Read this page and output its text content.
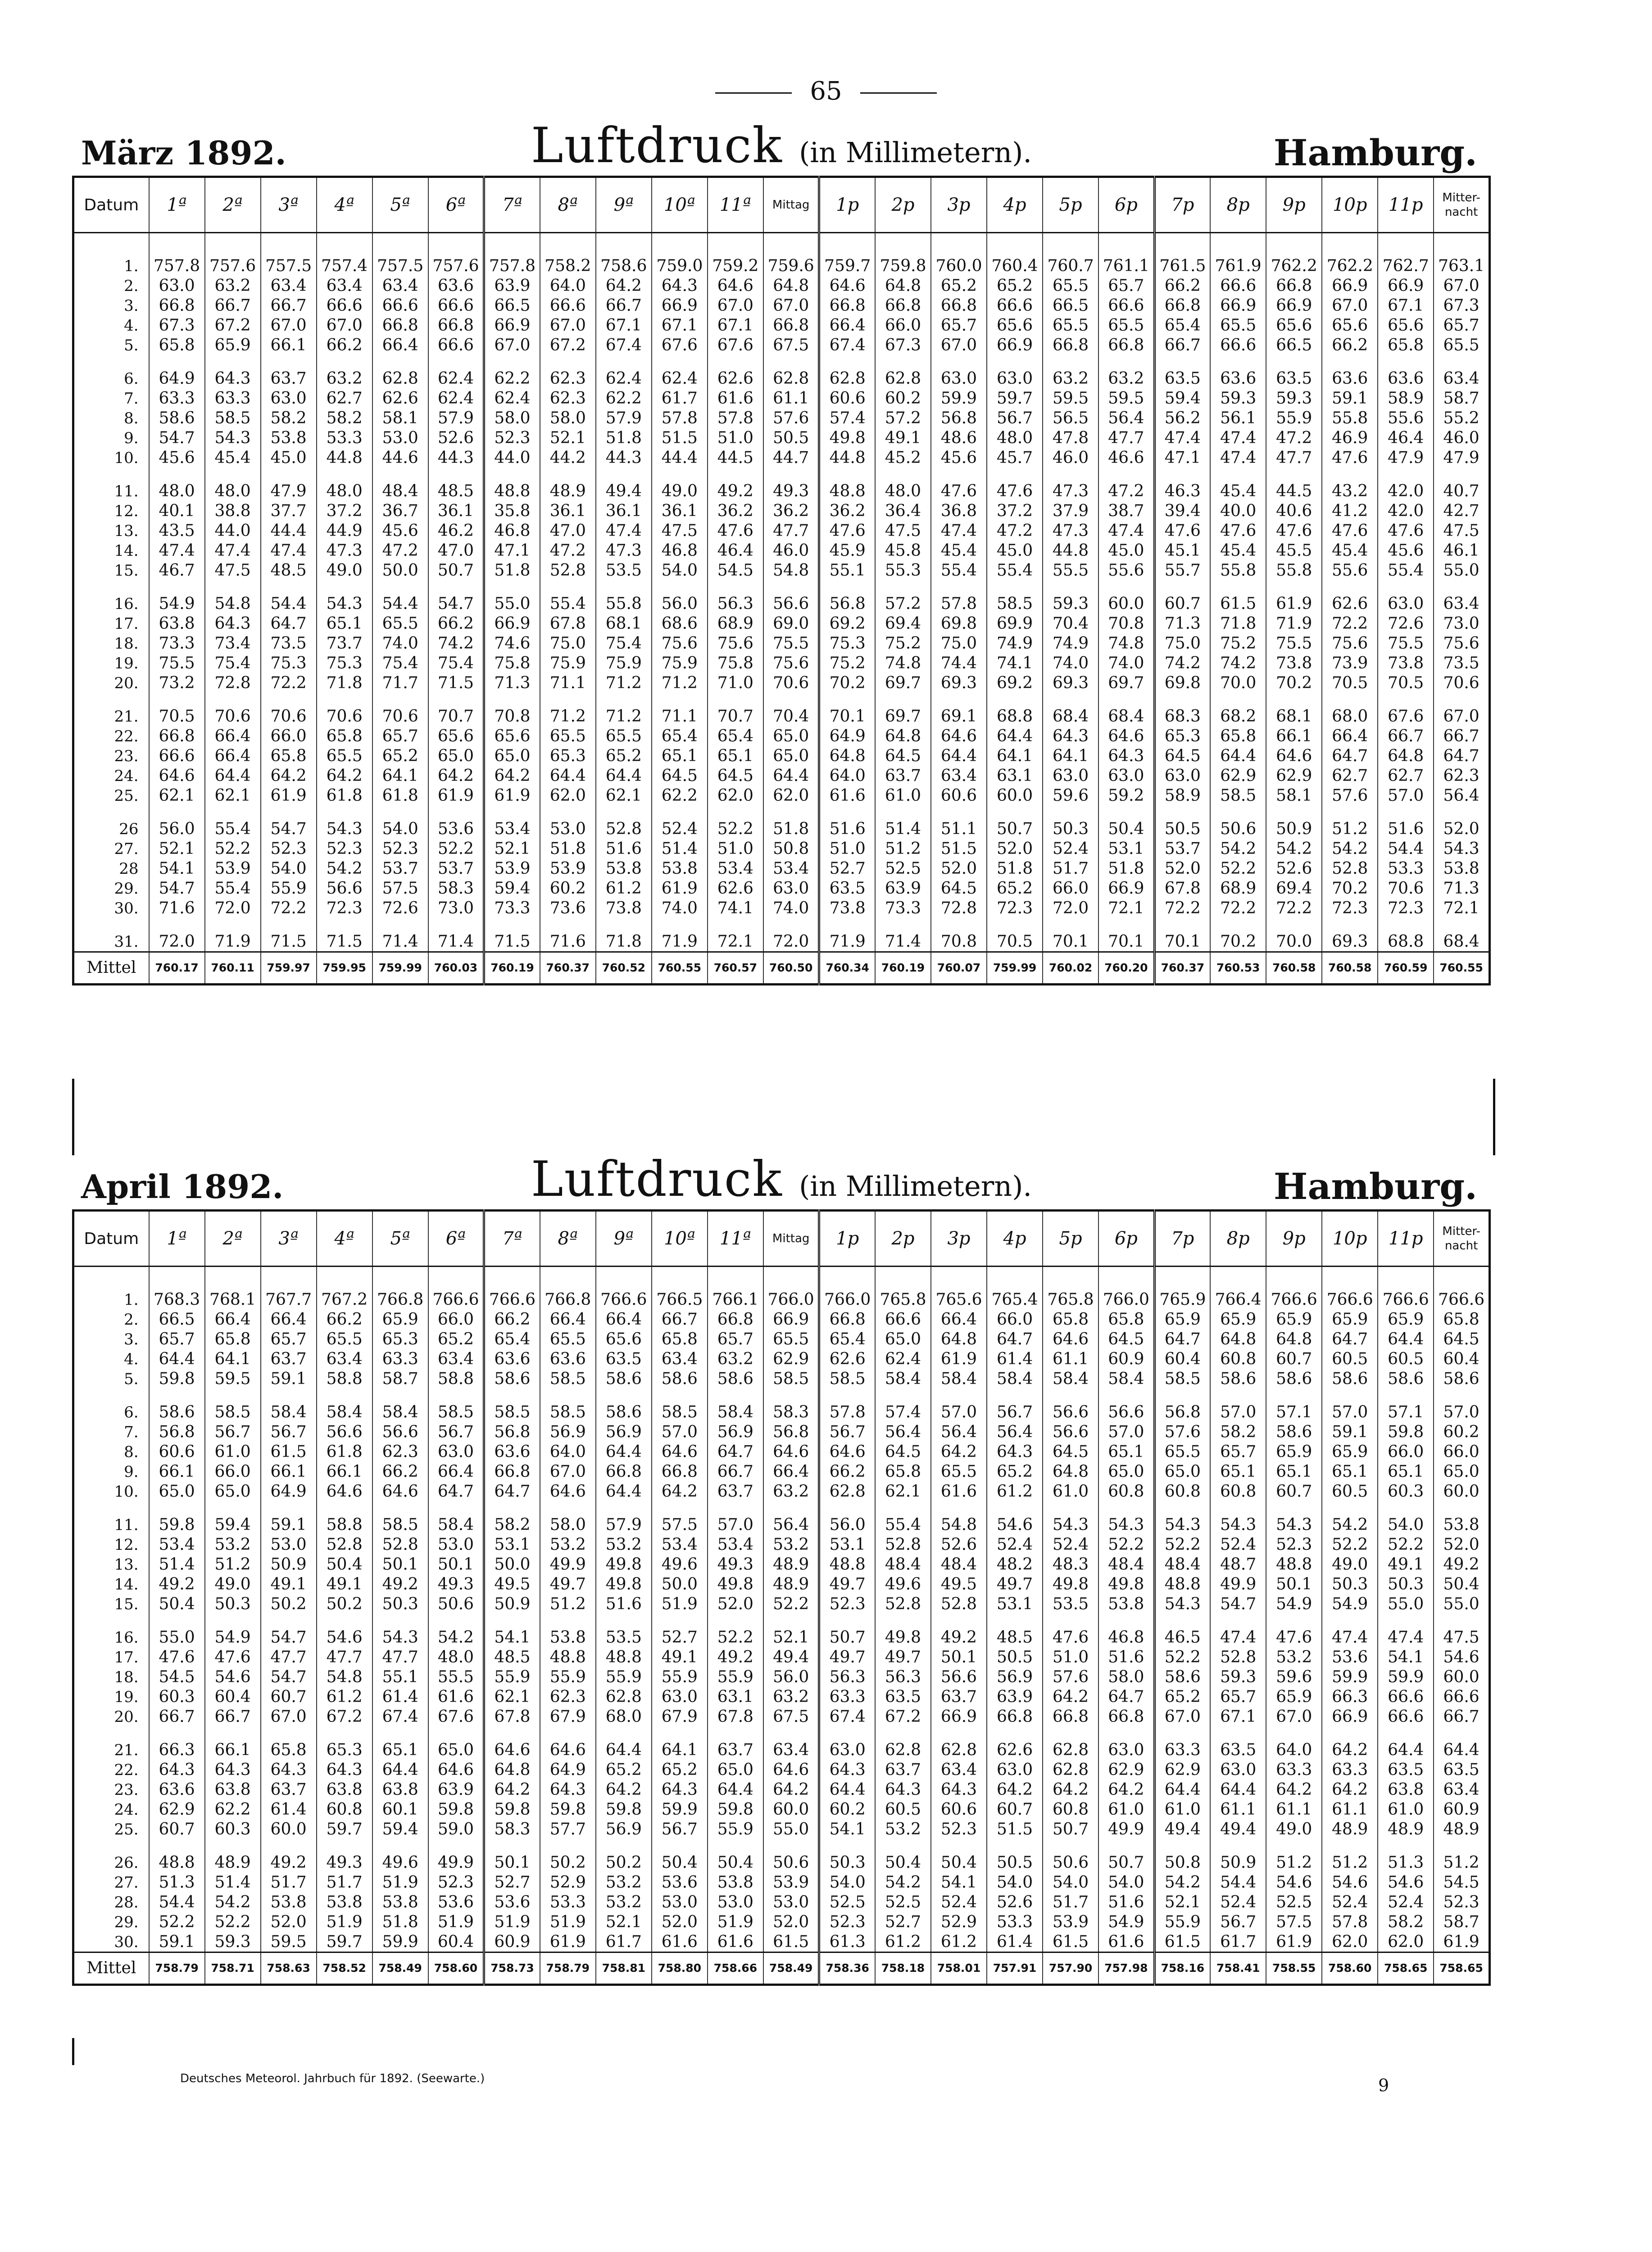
65
März 1892.	Luftdruck (in Millimetern).	Hamburg.
Datum	1ª	2ª	3ª	4ª	5ª	6ª	7ª	8ª	9ª	10ª	11ª	Mittag	1p	2p	3p	4p	5p	6p	7p	8p	9p	10p	11p	Mitter-nacht

1.	757.8	757.6	757.5	757.4	757.5	757.6	757.8	758.2	758.6	759.0	759.2	759.6	759.7	759.8	760.0	760.4	760.7	761.1	761.5	761.9	762.2	762.2	762.7	763.1
2.	63.0	63.2	63.4	63.4	63.4	63.6	63.9	64.0	64.2	64.3	64.6	64.8	64.6	64.8	65.2	65.2	65.5	65.7	66.2	66.6	66.8	66.9	66.9	67.0
3.	66.8	66.7	66.7	66.6	66.6	66.6	66.5	66.6	66.7	66.9	67.0	67.0	66.8	66.8	66.8	66.6	66.5	66.6	66.8	66.9	66.9	67.0	67.1	67.3
4.	67.3	67.2	67.0	67.0	66.8	66.8	66.9	67.0	67.1	67.1	67.1	66.8	66.4	66.0	65.7	65.6	65.5	65.5	65.4	65.5	65.6	65.6	65.6	65.7
5.	65.8	65.9	66.1	66.2	66.4	66.6	67.0	67.2	67.4	67.6	67.6	67.5	67.4	67.3	67.0	66.9	66.8	66.8	66.7	66.6	66.5	66.2	65.8	65.5
6.	64.9	64.3	63.7	63.2	62.8	62.4	62.2	62.3	62.4	62.4	62.6	62.8	62.8	62.8	63.0	63.0	63.2	63.2	63.5	63.6	63.5	63.6	63.6	63.4
7.	63.3	63.3	63.0	62.7	62.6	62.4	62.4	62.3	62.2	61.7	61.6	61.1	60.6	60.2	59.9	59.7	59.5	59.5	59.4	59.3	59.3	59.1	58.9	58.7
8.	58.6	58.5	58.2	58.2	58.1	57.9	58.0	58.0	57.9	57.8	57.8	57.6	57.4	57.2	56.8	56.7	56.5	56.4	56.2	56.1	55.9	55.8	55.6	55.2
9.	54.7	54.3	53.8	53.3	53.0	52.6	52.3	52.1	51.8	51.5	51.0	50.5	49.8	49.1	48.6	48.0	47.8	47.7	47.4	47.4	47.2	46.9	46.4	46.0
10.	45.6	45.4	45.0	44.8	44.6	44.3	44.0	44.2	44.3	44.4	44.5	44.7	44.8	45.2	45.6	45.7	46.0	46.6	47.1	47.4	47.7	47.6	47.9	47.9
11.	48.0	48.0	47.9	48.0	48.4	48.5	48.8	48.9	49.4	49.0	49.2	49.3	48.8	48.0	47.6	47.6	47.3	47.2	46.3	45.4	44.5	43.2	42.0	40.7
12.	40.1	38.8	37.7	37.2	36.7	36.1	35.8	36.1	36.1	36.1	36.2	36.2	36.2	36.4	36.8	37.2	37.9	38.7	39.4	40.0	40.6	41.2	42.0	42.7
13.	43.5	44.0	44.4	44.9	45.6	46.2	46.8	47.0	47.4	47.5	47.6	47.7	47.6	47.5	47.4	47.2	47.3	47.4	47.6	47.6	47.6	47.6	47.6	47.5
14.	47.4	47.4	47.4	47.3	47.2	47.0	47.1	47.2	47.3	46.8	46.4	46.0	45.9	45.8	45.4	45.0	44.8	45.0	45.1	45.4	45.5	45.4	45.6	46.1
15.	46.7	47.5	48.5	49.0	50.0	50.7	51.8	52.8	53.5	54.0	54.5	54.8	55.1	55.3	55.4	55.4	55.5	55.6	55.7	55.8	55.8	55.6	55.4	55.0
16.	54.9	54.8	54.4	54.3	54.4	54.7	55.0	55.4	55.8	56.0	56.3	56.6	56.8	57.2	57.8	58.5	59.3	60.0	60.7	61.5	61.9	62.6	63.0	63.4
17.	63.8	64.3	64.7	65.1	65.5	66.2	66.9	67.8	68.1	68.6	68.9	69.0	69.2	69.4	69.8	69.9	70.4	70.8	71.3	71.8	71.9	72.2	72.6	73.0
18.	73.3	73.4	73.5	73.7	74.0	74.2	74.6	75.0	75.4	75.6	75.6	75.5	75.3	75.2	75.0	74.9	74.9	74.8	75.0	75.2	75.5	75.6	75.5	75.6
19.	75.5	75.4	75.3	75.3	75.4	75.4	75.8	75.9	75.9	75.9	75.8	75.6	75.2	74.8	74.4	74.1	74.0	74.0	74.2	74.2	73.8	73.9	73.8	73.5
20.	73.2	72.8	72.2	71.8	71.7	71.5	71.3	71.1	71.2	71.2	71.0	70.6	70.2	69.7	69.3	69.2	69.3	69.7	69.8	70.0	70.2	70.5	70.5	70.6
21.	70.5	70.6	70.6	70.6	70.6	70.7	70.8	71.2	71.2	71.1	70.7	70.4	70.1	69.7	69.1	68.8	68.4	68.4	68.3	68.2	68.1	68.0	67.6	67.0
22.	66.8	66.4	66.0	65.8	65.7	65.6	65.6	65.5	65.5	65.4	65.4	65.0	64.9	64.8	64.6	64.4	64.3	64.6	65.3	65.8	66.1	66.4	66.7	66.7
23.	66.6	66.4	65.8	65.5	65.2	65.0	65.0	65.3	65.2	65.1	65.1	65.0	64.8	64.5	64.4	64.1	64.1	64.3	64.5	64.4	64.6	64.7	64.8	64.7
24.	64.6	64.4	64.2	64.2	64.1	64.2	64.2	64.4	64.4	64.5	64.5	64.4	64.0	63.7	63.4	63.1	63.0	63.0	63.0	62.9	62.9	62.7	62.7	62.3
25.	62.1	62.1	61.9	61.8	61.8	61.9	61.9	62.0	62.1	62.2	62.0	62.0	61.6	61.0	60.6	60.0	59.6	59.2	58.9	58.5	58.1	57.6	57.0	56.4
26	56.0	55.4	54.7	54.3	54.0	53.6	53.4	53.0	52.8	52.4	52.2	51.8	51.6	51.4	51.1	50.7	50.3	50.4	50.5	50.6	50.9	51.2	51.6	52.0
27.	52.1	52.2	52.3	52.3	52.3	52.2	52.1	51.8	51.6	51.4	51.0	50.8	51.0	51.2	51.5	52.0	52.4	53.1	53.7	54.2	54.2	54.2	54.4	54.3
28	54.1	53.9	54.0	54.2	53.7	53.7	53.9	53.9	53.8	53.8	53.4	53.4	52.7	52.5	52.0	51.8	51.7	51.8	52.0	52.2	52.6	52.8	53.3	53.8
29.	54.7	55.4	55.9	56.6	57.5	58.3	59.4	60.2	61.2	61.9	62.6	63.0	63.5	63.9	64.5	65.2	66.0	66.9	67.8	68.9	69.4	70.2	70.6	71.3
30.	71.6	72.0	72.2	72.3	72.6	73.0	73.3	73.6	73.8	74.0	74.1	74.0	73.8	73.3	72.8	72.3	72.0	72.1	72.2	72.2	72.2	72.3	72.3	72.1
31.	72.0	71.9	71.5	71.5	71.4	71.4	71.5	71.6	71.8	71.9	72.1	72.0	71.9	71.4	70.8	70.5	70.1	70.1	70.1	70.2	70.0	69.3	68.8	68.4
Mittel	760.17	760.11	759.97	759.95	759.99	760.03	760.19	760.37	760.52	760.55	760.57	760.50	760.34	760.19	760.07	759.99	760.02	760.20	760.37	760.53	760.58	760.58	760.59	760.55
April 1892.	Luftdruck (in Millimetern).	Hamburg.
Datum	1ª	2ª	3ª	4ª	5ª	6ª	7ª	8ª	9ª	10ª	11ª	Mittag	1p	2p	3p	4p	5p	6p	7p	8p	9p	10p	11p	Mitter-nacht

1.	768.3	768.1	767.7	767.2	766.8	766.6	766.6	766.8	766.6	766.5	766.1	766.0	766.0	765.8	765.6	765.4	765.8	766.0	765.9	766.4	766.6	766.6	766.6	766.6
2.	66.5	66.4	66.4	66.2	65.9	66.0	66.2	66.4	66.4	66.7	66.8	66.9	66.8	66.6	66.4	66.0	65.8	65.8	65.9	65.9	65.9	65.9	65.9	65.8
3.	65.7	65.8	65.7	65.5	65.3	65.2	65.4	65.5	65.6	65.8	65.7	65.5	65.4	65.0	64.8	64.7	64.6	64.5	64.7	64.8	64.8	64.7	64.4	64.5
4.	64.4	64.1	63.7	63.4	63.3	63.4	63.6	63.6	63.5	63.4	63.2	62.9	62.6	62.4	61.9	61.4	61.1	60.9	60.4	60.8	60.7	60.5	60.5	60.4
5.	59.8	59.5	59.1	58.8	58.7	58.8	58.6	58.5	58.6	58.6	58.6	58.5	58.5	58.4	58.4	58.4	58.4	58.4	58.5	58.6	58.6	58.6	58.6	58.6
6.	58.6	58.5	58.4	58.4	58.4	58.5	58.5	58.5	58.6	58.5	58.4	58.3	57.8	57.4	57.0	56.7	56.6	56.6	56.8	57.0	57.1	57.0	57.1	57.0
7.	56.8	56.7	56.7	56.6	56.6	56.7	56.8	56.9	56.9	57.0	56.9	56.8	56.7	56.4	56.4	56.4	56.6	57.0	57.6	58.2	58.6	59.1	59.8	60.2
8.	60.6	61.0	61.5	61.8	62.3	63.0	63.6	64.0	64.4	64.6	64.7	64.6	64.6	64.5	64.2	64.3	64.5	65.1	65.5	65.7	65.9	65.9	66.0	66.0
9.	66.1	66.0	66.1	66.1	66.2	66.4	66.8	67.0	66.8	66.8	66.7	66.4	66.2	65.8	65.5	65.2	64.8	65.0	65.0	65.1	65.1	65.1	65.1	65.0
10.	65.0	65.0	64.9	64.6	64.6	64.7	64.7	64.6	64.4	64.2	63.7	63.2	62.8	62.1	61.6	61.2	61.0	60.8	60.8	60.8	60.7	60.5	60.3	60.0
11.	59.8	59.4	59.1	58.8	58.5	58.4	58.2	58.0	57.9	57.5	57.0	56.4	56.0	55.4	54.8	54.6	54.3	54.3	54.3	54.3	54.3	54.2	54.0	53.8
12.	53.4	53.2	53.0	52.8	52.8	53.0	53.1	53.2	53.2	53.4	53.4	53.2	53.1	52.8	52.6	52.4	52.4	52.2	52.2	52.4	52.3	52.2	52.2	52.0
13.	51.4	51.2	50.9	50.4	50.1	50.1	50.0	49.9	49.8	49.6	49.3	48.9	48.8	48.4	48.4	48.2	48.3	48.4	48.4	48.7	48.8	49.0	49.1	49.2
14.	49.2	49.0	49.1	49.1	49.2	49.3	49.5	49.7	49.8	50.0	49.8	48.9	49.7	49.6	49.5	49.7	49.8	49.8	48.8	49.9	50.1	50.3	50.3	50.4
15.	50.4	50.3	50.2	50.2	50.3	50.6	50.9	51.2	51.6	51.9	52.0	52.2	52.3	52.8	52.8	53.1	53.5	53.8	54.3	54.7	54.9	54.9	55.0	55.0
16.	55.0	54.9	54.7	54.6	54.3	54.2	54.1	53.8	53.5	52.7	52.2	52.1	50.7	49.8	49.2	48.5	47.6	46.8	46.5	47.4	47.6	47.4	47.4	47.5
17.	47.6	47.6	47.7	47.7	47.7	48.0	48.5	48.8	48.8	49.1	49.2	49.4	49.7	49.7	50.1	50.5	51.0	51.6	52.2	52.8	53.2	53.6	54.1	54.6
18.	54.5	54.6	54.7	54.8	55.1	55.5	55.9	55.9	55.9	55.9	55.9	56.0	56.3	56.3	56.6	56.9	57.6	58.0	58.6	59.3	59.6	59.9	59.9	60.0
19.	60.3	60.4	60.7	61.2	61.4	61.6	62.1	62.3	62.8	63.0	63.1	63.2	63.3	63.5	63.7	63.9	64.2	64.7	65.2	65.7	65.9	66.3	66.6	66.6
20.	66.7	66.7	67.0	67.2	67.4	67.6	67.8	67.9	68.0	67.9	67.8	67.5	67.4	67.2	66.9	66.8	66.8	66.8	67.0	67.1	67.0	66.9	66.6	66.7
21.	66.3	66.1	65.8	65.3	65.1	65.0	64.6	64.6	64.4	64.1	63.7	63.4	63.0	62.8	62.8	62.6	62.8	63.0	63.3	63.5	64.0	64.2	64.4	64.4
22.	64.3	64.3	64.3	64.3	64.4	64.6	64.8	64.9	65.2	65.2	65.0	64.6	64.3	63.7	63.4	63.0	62.8	62.9	62.9	63.0	63.3	63.3	63.5	63.5
23.	63.6	63.8	63.7	63.8	63.8	63.9	64.2	64.3	64.2	64.3	64.4	64.2	64.4	64.3	64.3	64.2	64.2	64.2	64.4	64.4	64.2	64.2	63.8	63.4
24.	62.9	62.2	61.4	60.8	60.1	59.8	59.8	59.8	59.8	59.9	59.8	60.0	60.2	60.5	60.6	60.7	60.8	61.0	61.0	61.1	61.1	61.1	61.0	60.9
25.	60.7	60.3	60.0	59.7	59.4	59.0	58.3	57.7	56.9	56.7	55.9	55.0	54.1	53.2	52.3	51.5	50.7	49.9	49.4	49.4	49.0	48.9	48.9	48.9
26.	48.8	48.9	49.2	49.3	49.6	49.9	50.1	50.2	50.2	50.4	50.4	50.6	50.3	50.4	50.4	50.5	50.6	50.7	50.8	50.9	51.2	51.2	51.3	51.2
27.	51.3	51.4	51.7	51.7	51.9	52.3	52.7	52.9	53.2	53.6	53.8	53.9	54.0	54.2	54.1	54.0	54.0	54.0	54.2	54.4	54.6	54.6	54.6	54.5
28.	54.4	54.2	53.8	53.8	53.8	53.6	53.6	53.3	53.2	53.0	53.0	53.0	52.5	52.5	52.4	52.6	51.7	51.6	52.1	52.4	52.5	52.4	52.4	52.3
29.	52.2	52.2	52.0	51.9	51.8	51.9	51.9	51.9	52.1	52.0	51.9	52.0	52.3	52.7	52.9	53.3	53.9	54.9	55.9	56.7	57.5	57.8	58.2	58.7
30.	59.1	59.3	59.5	59.7	59.9	60.4	60.9	61.9	61.7	61.6	61.6	61.5	61.3	61.2	61.2	61.4	61.5	61.6	61.5	61.7	61.9	62.0	62.0	61.9
Mittel	758.79	758.71	758.63	758.52	758.49	758.60	758.73	758.79	758.81	758.80	758.66	758.49	758.36	758.18	758.01	757.91	757.90	757.98	758.16	758.41	758.55	758.60	758.65	758.65
Deutsches Meteorol. Jahrbuch für 1892. (Seewarte.)	9
